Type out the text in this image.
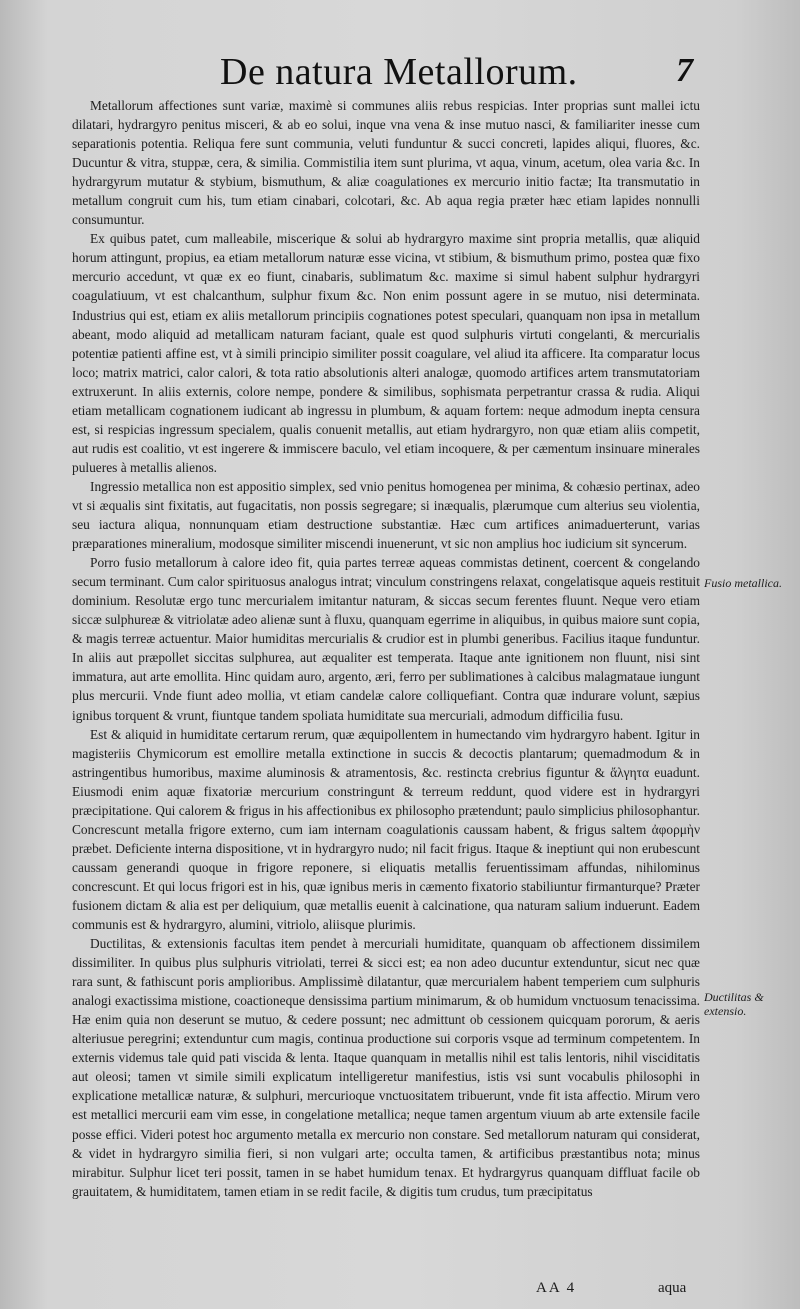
De natura Metallorum.	7

Metallorum affectiones sunt variæ, maximè si communes aliis rebus respicias. Inter proprias sunt mallei ictu dilatari, hydrargyro penitus misceri, & ab eo solui, inque vna vena & inse mutuo nasci, & familiariter inesse cum separationis potentia. Reliqua fere sunt communia, veluti funduntur & succi concreti, lapides aliqui, fluores, &c. Ducuntur & vitra, stuppæ, cera, & similia. Commistilia item sunt plurima, vt aqua, vinum, acetum, olea varia &c. In hydrargyrum mutatur & stybium, bismuthum, & aliæ coagulationes ex mercurio initio factæ; Ita transmutatio in metallum congruit cum his, tum etiam cinabari, colcotari, &c. Ab aqua regia præter hæc etiam lapides nonnulli consumuntur.

Ex quibus patet, cum malleabile, misceriquе & solui ab hydrargyro maxime sint propria metallis, quæ aliquid horum attingunt, propius, ea etiam metallorum naturæ esse vicina, vt stibium, & bismuthum primo, postea quæ fixo mercurio accedunt, vt quæ ex eo fiunt, cinabaris, sublimatum &c. maxime si simul habent sulphur hydrargyri coagulatiuum, vt est chalcanthum, sulphur fixum &c. Non enim possunt agere in se mutuo, nisi determinata. Industrius qui est, etiam ex aliis metallorum principiis cognationes potest speculari, quanquam non ipsa in metallum abeant, modo aliquid ad metallicam naturam faciant, quale est quod sulphuris virtuti congelanti, & mercurialis potentiæ patienti affine est, vt à simili principio similiter possit coagulare, vel aliud ita afficere. Ita comparatur locus loco; matrix matrici, calor calori, & tota ratio absolutionis alteri analogæ, quomodo artifices artem transmutatoriam extruxerunt. In aliis externis, colore nempe, pondere & similibus, sophismata perpetrantur crassa & rudia. Aliqui etiam metallicam cognationem iudicant ab ingressu in plumbum, & aquam fortem: neque admodum inepta censura est, si respicias ingressum specialem, qualis conuenit metallis, aut etiam hydrargyro, non quæ etiam aliis competit, aut rudis est coalitio, vt est ingerere & immiscere baculo, vel etiam incoquere, & per cæmentum insinuare minerales pulueres à metallis alienos.

Ingressio metallica non est appositio simplex, sed vnio penitus homogenea per minima, & cohæsio pertinax, adeo vt si æqualis sint fixitatis, aut fugacitatis, non possis segregare; si inæqualis, plærumque cum alterius seu violentia, seu iactura aliqua, nonnunquam etiam destructione substantiæ. Hæc cum artifices animaduerterunt, varias præparationes mineralium, modosque similiter miscendi inuenerunt, vt sic non amplius hoc iudicium sit syncerum.

Porro fusio metallorum à calore ideo fit, quia partes terreæ aqueas commistas detinent, coercent & congelando secum terminant. Cum calor spirituosus analogus intrat; vinculum constringens relaxat, congelatisque aqueis restituit dominium. Resolutæ ergo tunc mercurialem imitantur naturam, & siccas secum ferentes fluunt. Neque vero etiam siccæ sulphureæ & vitriolatæ adeo alienæ sunt à fluxu, quanquam egerrime in aliquibus, in quibus maiore sunt copia, & magis terreæ actuentur. Maior humiditas mercurialis & crudior est in plumbi generibus. Facilius itaque funduntur. In aliis aut præpollet siccitas sulphurea, aut æqualiter est temperata. Itaque ante ignitionem non fluunt, nisi sint immatura, aut arte emollita. Hinc quidam auro, argento, æri, ferro per sublimationes à calcibus malagmataue iungunt plus mercurii. Vnde fiunt adeo mollia, vt etiam candelæ calore colliquefiant. Contra quæ indurare volunt, sæpius ignibus torquent & vrunt, fiuntque tandem spoliata humiditate sua mercuriali, admodum difficilia fusu.

Est & aliquid in humiditate certarum rerum, quæ æquipollentem in humectando vim hydrargyro habent. Igitur in magisteriis Chymicorum est emollire metalla extinctione in succis & decoctis plantarum; quemadmodum & in astringentibus humoribus, maxime aluminosis & atramentosis, &c. restincta crebrius figuntur & ἄλγητα euadunt. Eiusmodi enim aquæ fixatoriæ mercurium constringunt & terreum reddunt, quod videre est in hydrargyri præcipitatione. Qui calorem & frigus in his affectionibus ex philosopho prætendunt; paulo simplicius philosophantur. Concrescunt metalla frigore externo, cum iam internam coagulationis caussam habent, & frigus saltem ἀφορμὴν præbet. Deficiente interna dispositione, vt in hydrargyro nudo; nil facit frigus. Itaque & ineptiunt qui non erubescunt caussam generandi quoque in frigore reponere, si eliquatis metallis feruentissimam affundas, nihilominus concrescunt. Et qui locus frigori est in his, quæ ignibus meris in cæmento fixatorio stabiliuntur firmanturque? Præter fusionem dictam & alia est per deliquium, quæ metallis euenit à calcinatione, qua naturam salium induerunt. Eadem communis est & hydrargyro, alumini, vitriolo, aliisque plurimis.

Ductilitas, & extensionis facultas item pendet à mercuriali humiditate, quanquam ob affectionem dissimilem dissimiliter. In quibus plus sulphuris vitriolati, terrei & sicci est; ea non adeo ducuntur extenduntur, sicut nec quæ rara sunt, & fathiscunt poris amplioribus. Amplissimè dilatantur, quæ mercurialem habent temperiem cum sulphuris analogi exactissima mistione, coactioneque densissima partium minimarum, & ob humidum vnctuosum tenacissima. Hæ enim quia non deserunt se mutuo, & cedere possunt; nec admittunt ob cessionem quicquam pororum, & aeris alteriusue peregrini; extenduntur cum magis, continua productione sui corporis vsque ad terminum competentem. In externis videmus tale quid pati viscida & lenta. Itaque quanquam in metallis nihil est talis lentoris, nihil visciditatis aut oleosi; tamen vt simile simili explicatum intelligeretur manifestius, istis vsi sunt vocabulis philosophi in explicatione metallicæ naturæ, & sulphuri, mercurioque vnctuositatem tribuerunt, vnde fit ista affectio. Mirum vero est metallici mercurii eam vim esse, in congelatione metallica; neque tamen argentum viuum ab arte extensile facile posse effici. Videri potest hoc argumento metalla ex mercurio non constare. Sed metallorum naturam qui considerat, & videt in hydrargyro similia fieri, si non vulgari arte; occulta tamen, & artificibus præstantibus nota; minus mirabitur. Sulphur licet teri possit, tamen in se habet humidum tenax. Et hydrargyrus quanquam diffluat facile ob grauitatem, & humiditatem, tamen etiam in se redit facile, & digitis tum crudus, tum præcipitatus

Fusio metallica.
Ductilitas & extensio.
AA 4	aqua
